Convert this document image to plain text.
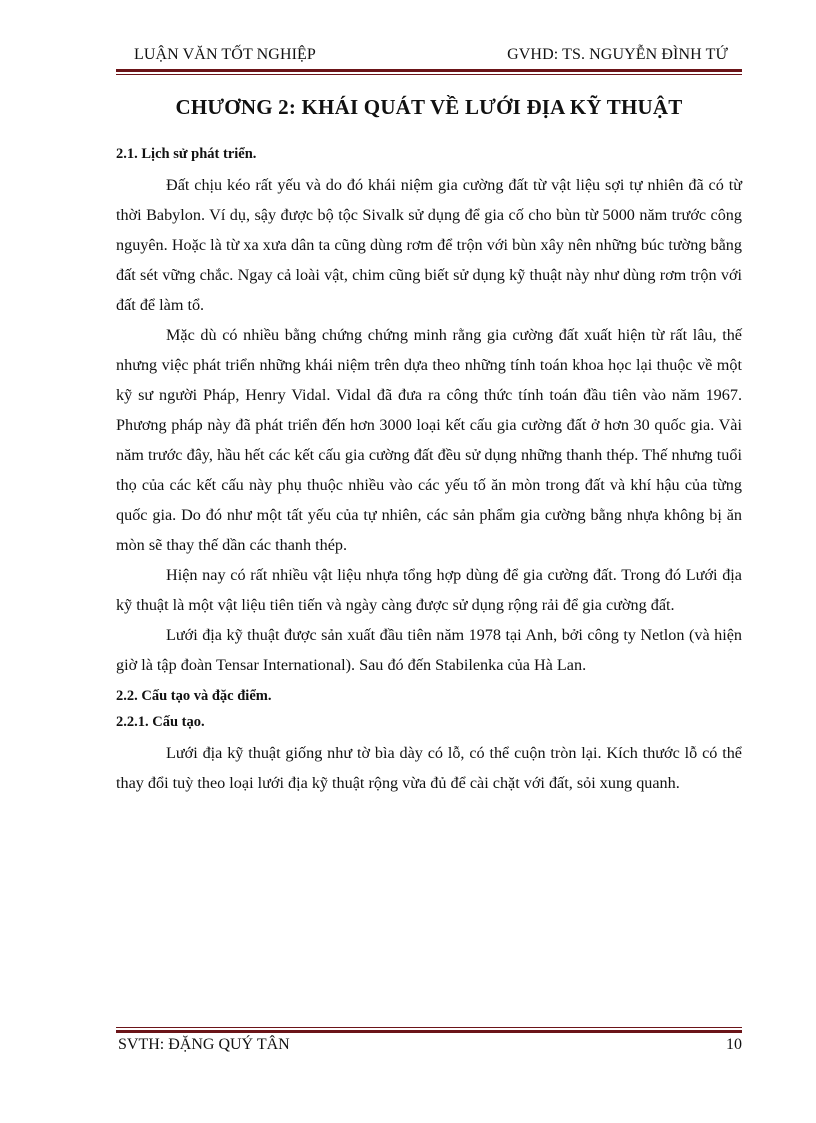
LUẬN VĂN TỐT NGHIỆP	GVHD: TS. NGUYỄN ĐÌNH TỨ
CHƯƠNG 2: KHÁI QUÁT VỀ LƯỚI ĐỊA KỸ THUẬT

2.1. Lịch sử phát triển.

Đất chịu kéo rất yếu và do đó khái niệm gia cường đất từ vật liệu sợi tự nhiên đã có từ thời Babylon. Ví dụ, sậy được bộ tộc Sivalk sử dụng để gia cố cho bùn từ 5000 năm trước công nguyên. Hoặc là từ xa xưa dân ta cũng dùng rơm để trộn với bùn xây nên những búc tường bằng đất sét vững chắc. Ngay cả loài vật, chim cũng biết sử dụng kỹ thuật này như dùng rơm trộn với đất để làm tổ.

Mặc dù có nhiều bằng chứng chứng minh rằng gia cường đất xuất hiện từ rất lâu, thế nhưng việc phát triển những khái niệm trên dựa theo những tính toán khoa học lại thuộc về một kỹ sư người Pháp, Henry Vidal. Vidal đã đưa ra công thức tính toán đầu tiên vào năm 1967. Phương pháp này đã phát triển đến hơn 3000 loại kết cấu gia cường đất ở hơn 30 quốc gia. Vài năm trước đây, hầu hết các kết cấu gia cường đất đều sử dụng những thanh thép. Thế nhưng tuổi thọ của các kết cấu này phụ thuộc nhiều vào các yếu tố ăn mòn trong đất và khí hậu của từng quốc gia. Do đó như một tất yếu của tự nhiên, các sản phẩm gia cường bằng nhựa không bị ăn mòn sẽ thay thế dần các thanh thép.

Hiện nay có rất nhiều vật liệu nhựa tổng hợp dùng để gia cường đất. Trong đó Lưới địa kỹ thuật là một vật liệu tiên tiến và ngày càng được sử dụng rộng rải để gia cường đất.

Lưới địa kỹ thuật được sản xuất đầu tiên năm 1978 tại Anh, bởi công ty Netlon (và hiện giờ là tập đoàn Tensar International). Sau đó đến Stabilenka của Hà Lan.

2.2. Cấu tạo và đặc điểm.

2.2.1. Cấu tạo.

Lưới địa kỹ thuật giống như tờ bìa dày có lỗ, có thể cuộn tròn lại. Kích thước lỗ có thể thay đổi tuỳ theo loại lưới địa kỹ thuật rộng vừa đủ để cài chặt với đất, sỏi xung quanh.

SVTH: ĐẶNG QUÝ TÂN	10
